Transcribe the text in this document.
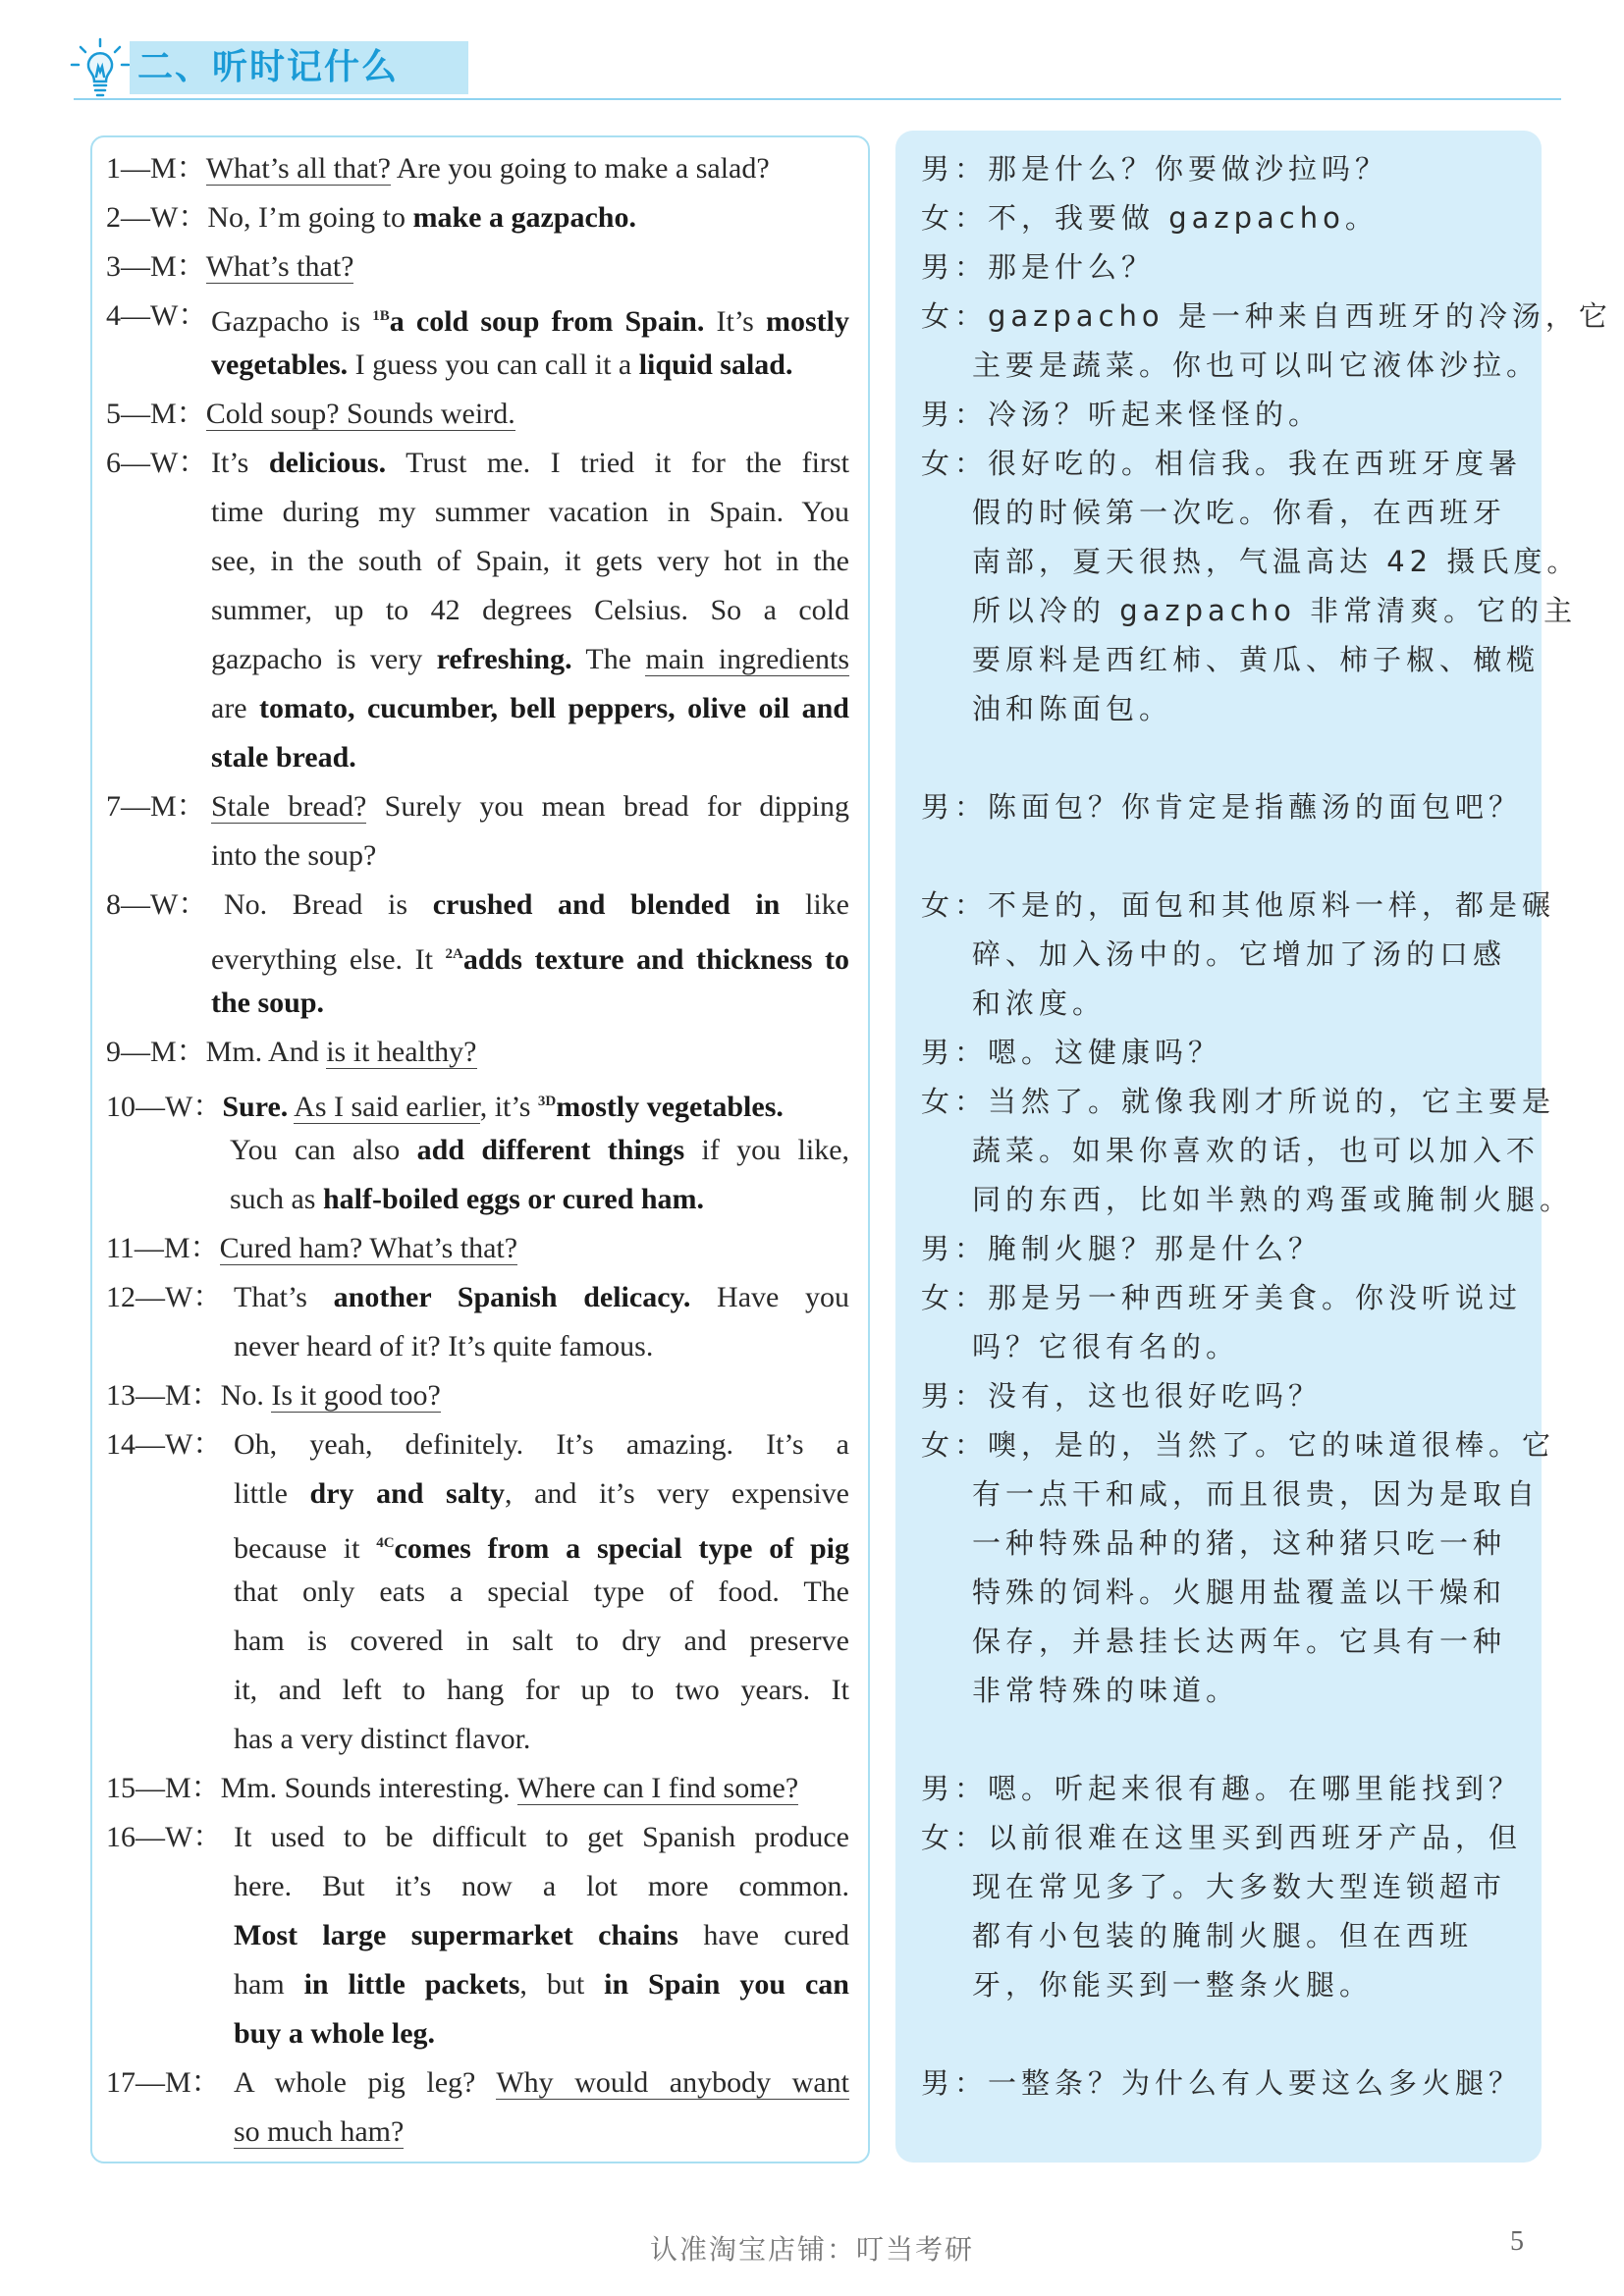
二、听时记什么
1—M：What’s all that? Are you going to make a salad?
2—W：No, I’m going to make a gazpacho.
3—M：What’s that?
4—W： Gazpacho is $^{1B}$a cold soup from Spain. It’s mostly
vegetables. I guess you can call it a liquid salad.
5—M：Cold soup? Sounds weird.
6—W： It’s delicious. Trust me. I tried it for the first
time during my summer vacation in Spain. You
see, in the south of Spain, it gets very hot in the
summer, up to 42 degrees Celsius. So a cold
gazpacho is very refreshing. The main ingredients
are tomato, cucumber, bell peppers, olive oil and
stale bread.
7—M： Stale bread? Surely you mean bread for dipping
into the soup?
8—W： No. Bread is crushed and blended in like
everything else. It $^{2A}$adds texture and thickness to
the soup.
9—M：Mm. And is it healthy?
10—W：Sure. As I said earlier, it’s $^{3D}$mostly vegetables.
You can also add different things if you like,
such as half-boiled eggs or cured ham.
11—M：Cured ham? What’s that?
12—W： That’s another Spanish delicacy. Have you
never heard of it? It’s quite famous.
13—M：No. Is it good too?
14—W： Oh, yeah, definitely. It’s amazing. It’s a
little dry and salty, and it’s very expensive
because it $^{4C}$comes from a special type of pig
that only eats a special type of food. The
ham is covered in salt to dry and preserve
it, and left to hang for up to two years. It
has a very distinct flavor.
15—M：Mm. Sounds interesting. Where can I find some?
16—W： It used to be difficult to get Spanish produce
here. But it’s now a lot more common.
Most large supermarket chains have cured
ham in little packets, but in Spain you can
buy a whole leg.
17—M： A whole pig leg? Why would anybody want
so much ham?
男：那是什么？你要做沙拉吗？
女：不，我要做 gazpacho。
男：那是什么？
女：gazpacho 是一种来自西班牙的冷汤，它
主要是蔬菜。你也可以叫它液体沙拉。
男：冷汤？听起来怪怪的。
女：很好吃的。相信我。我在西班牙度暑
假的时候第一次吃。你看，在西班牙
南部，夏天很热，气温高达 42 摄氏度。
所以冷的 gazpacho 非常清爽。它的主
要原料是西红柿、黄瓜、柿子椒、橄榄
油和陈面包。
男：陈面包？你肯定是指蘸汤的面包吧？
女：不是的，面包和其他原料一样，都是碾
碎、加入汤中的。它增加了汤的口感
和浓度。
男：嗯。这健康吗？
女：当然了。就像我刚才所说的，它主要是
蔬菜。如果你喜欢的话，也可以加入不
同的东西，比如半熟的鸡蛋或腌制火腿。
男：腌制火腿？那是什么？
女：那是另一种西班牙美食。你没听说过
吗？它很有名的。
男：没有，这也很好吃吗？
女：噢，是的，当然了。它的味道很棒。它
有一点干和咸，而且很贵，因为是取自
一种特殊品种的猪，这种猪只吃一种
特殊的饲料。火腿用盐覆盖以干燥和
保存，并悬挂长达两年。它具有一种
非常特殊的味道。
男：嗯。听起来很有趣。在哪里能找到？
女：以前很难在这里买到西班牙产品，但
现在常见多了。大多数大型连锁超市
都有小包装的腌制火腿。但在西班
牙，你能买到一整条火腿。
男：一整条？为什么有人要这么多火腿？
认准淘宝店铺：叮当考研	5
